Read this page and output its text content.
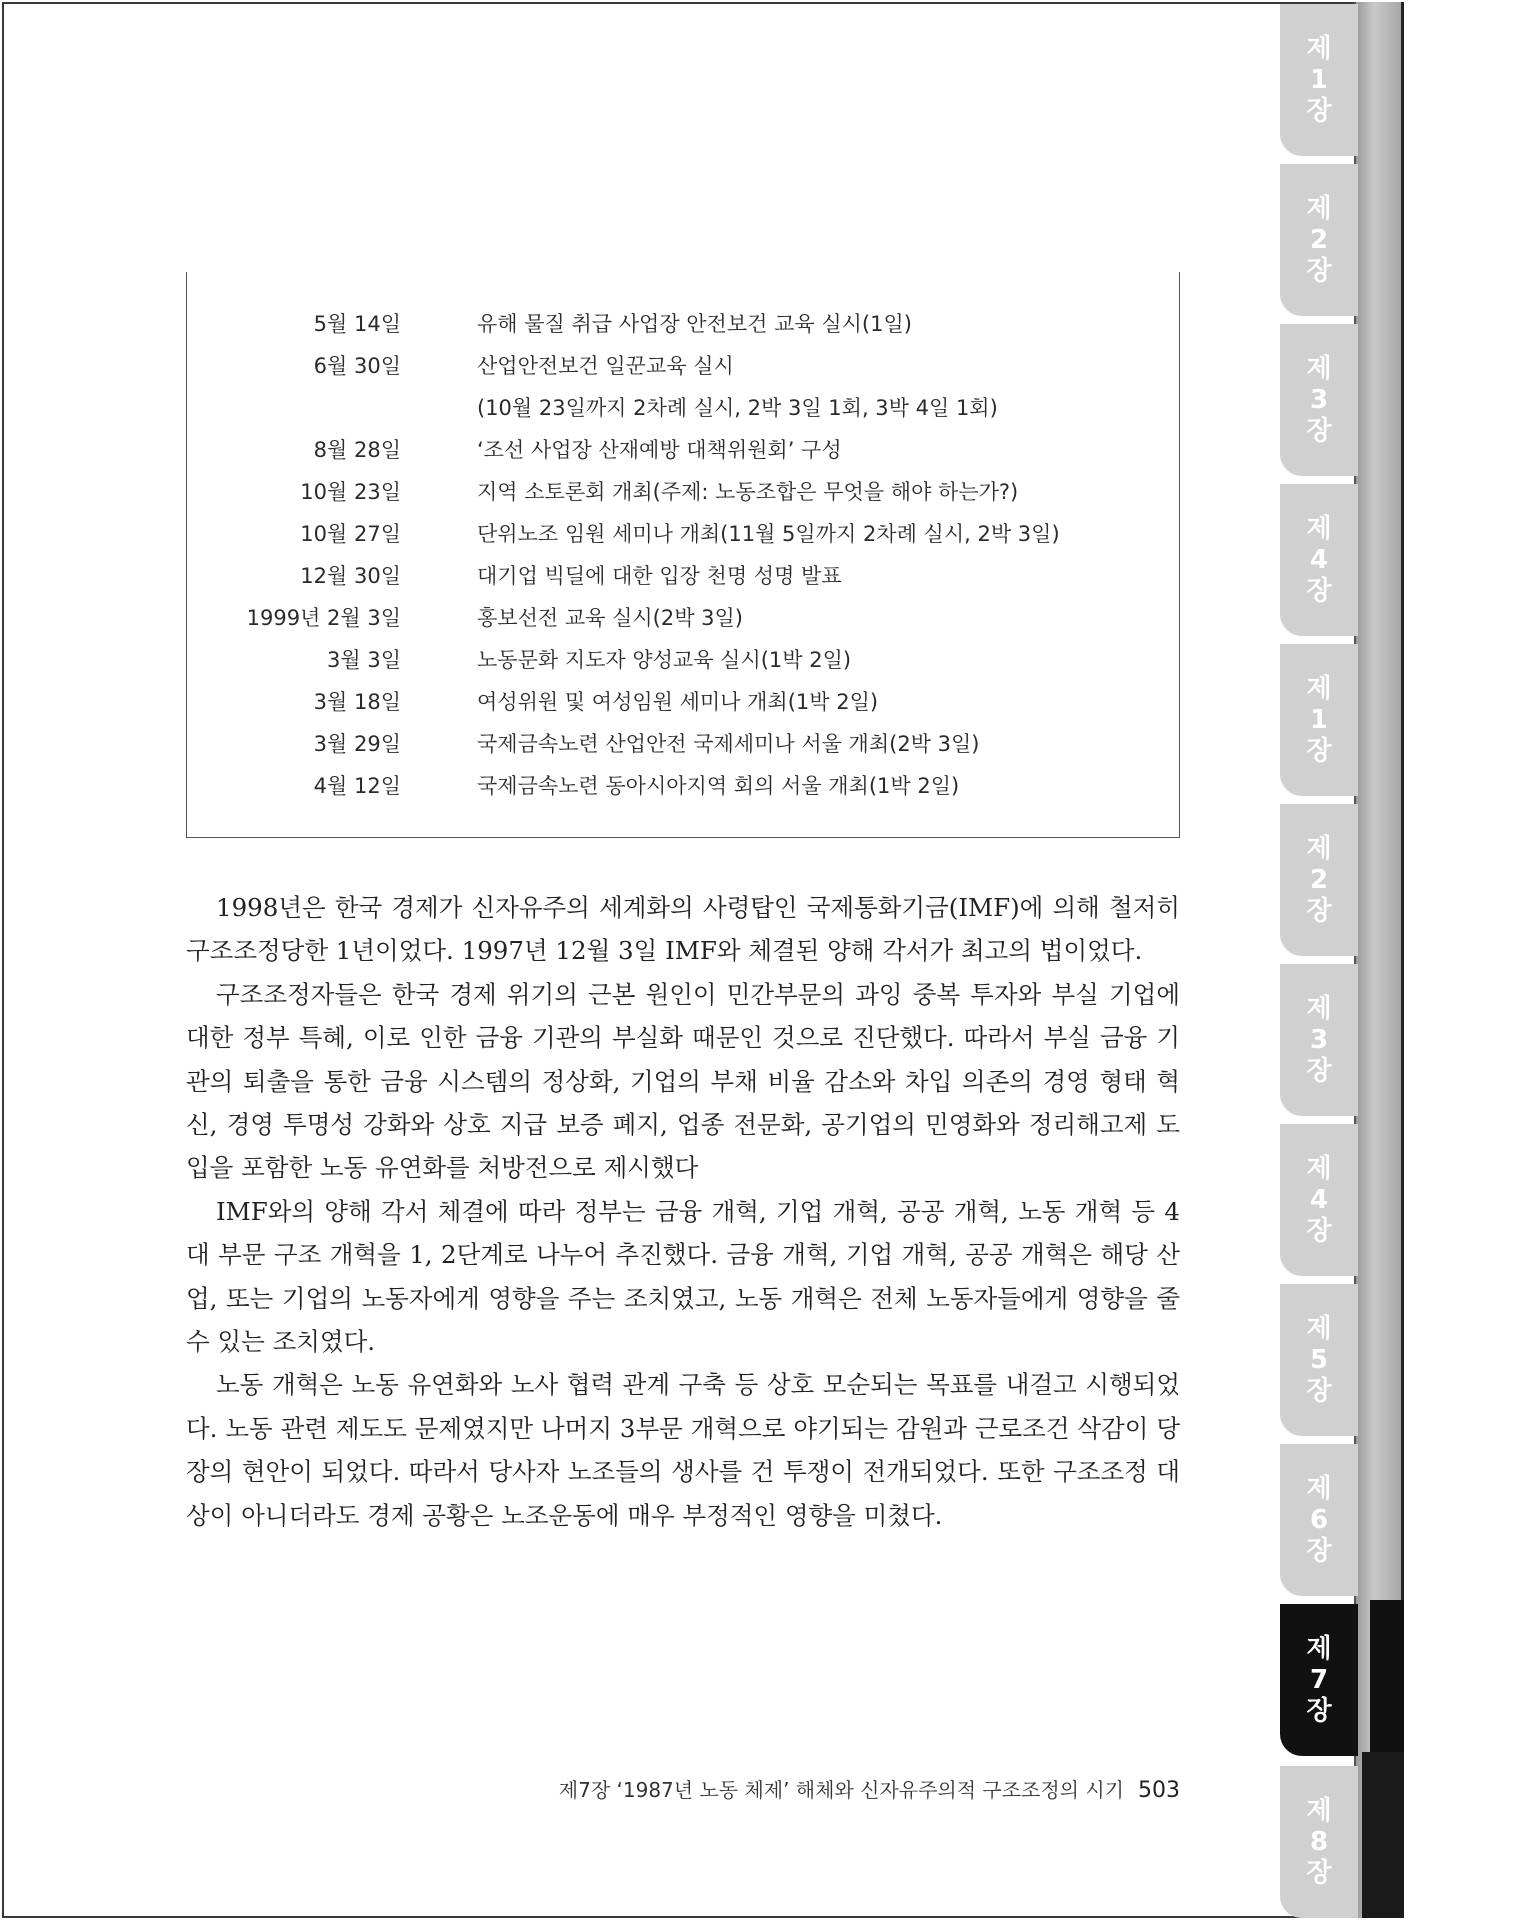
제
1
장
제
2
장
제
3
장
제
4
장
제
1
장
제
2
장
제
3
장
제
4
장
제
5
장
제
6
장
제
7
장
제
8
장
5월 14일	유해 물질 취급 사업장 안전보건 교육 실시(1일)
6월 30일	산업안전보건 일꾼교육 실시
(10월 23일까지 2차례 실시, 2박 3일 1회, 3박 4일 1회)
8월 28일	‘조선 사업장 산재예방 대책위원회’ 구성
10월 23일	지역 소토론회 개최(주제: 노동조합은 무엇을 해야 하는가?)
10월 27일	단위노조 임원 세미나 개최(11월 5일까지 2차례 실시, 2박 3일)
12월 30일	대기업 빅딜에 대한 입장 천명 성명 발표
1999년 2월 3일	홍보선전 교육 실시(2박 3일)
3월 3일	노동문화 지도자 양성교육 실시(1박 2일)
3월 18일	여성위원 및 여성임원 세미나 개최(1박 2일)
3월 29일	국제금속노련 산업안전 국제세미나 서울 개최(2박 3일)
4월 12일	국제금속노련 동아시아지역 회의 서울 개최(1박 2일)

1998년은 한국 경제가 신자유주의 세계화의 사령탑인 국제통화기금(IMF)에 의해 철저히 구조조정당한 1년이었다. 1997년 12월 3일 IMF와 체결된 양해 각서가 최고의 법이었다.

구조조정자들은 한국 경제 위기의 근본 원인이 민간부문의 과잉 중복 투자와 부실 기업에 대한 정부 특혜, 이로 인한 금융 기관의 부실화 때문인 것으로 진단했다. 따라서 부실 금융 기관의 퇴출을 통한 금융 시스템의 정상화, 기업의 부채 비율 감소와 차입 의존의 경영 형태 혁신, 경영 투명성 강화와 상호 지급 보증 폐지, 업종 전문화, 공기업의 민영화와 정리해고제 도입을 포함한 노동 유연화를 처방전으로 제시했다

IMF와의 양해 각서 체결에 따라 정부는 금융 개혁, 기업 개혁, 공공 개혁, 노동 개혁 등 4대 부문 구조 개혁을 1, 2단계로 나누어 추진했다. 금융 개혁, 기업 개혁, 공공 개혁은 해당 산업, 또는 기업의 노동자에게 영향을 주는 조치였고, 노동 개혁은 전체 노동자들에게 영향을 줄 수 있는 조치였다.

노동 개혁은 노동 유연화와 노사 협력 관계 구축 등 상호 모순되는 목표를 내걸고 시행되었다. 노동 관련 제도도 문제였지만 나머지 3부문 개혁으로 야기되는 감원과 근로조건 삭감이 당장의 현안이 되었다. 따라서 당사자 노조들의 생사를 건 투쟁이 전개되었다. 또한 구조조정 대상이 아니더라도 경제 공황은 노조운동에 매우 부정적인 영향을 미쳤다.

제7장 ‘1987년 노동 체제’ 해체와 신자유주의적 구조조정의 시기 503
